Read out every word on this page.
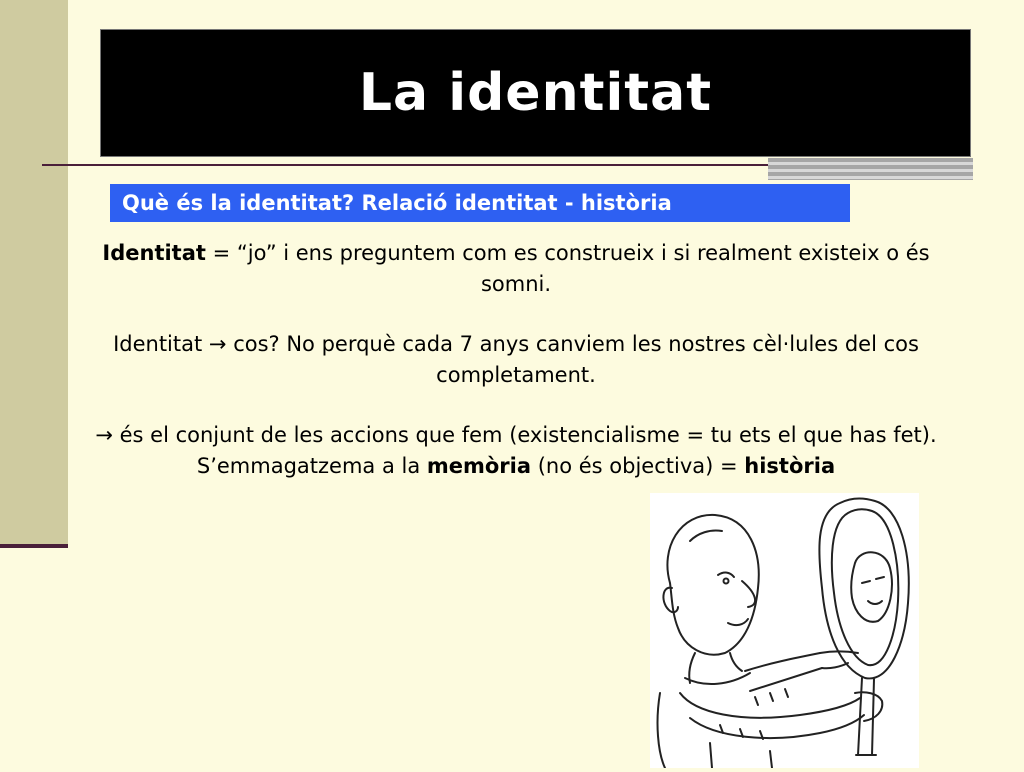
La identitat
Què és la identitat? Relació identitat - història

Identitat = “jo” i ens preguntem com es construeix i si realment existeix o és somni.

Identitat → cos? No perquè cada 7 anys canviem les nostres cèl·lules del cos completament.

→ és el conjunt de les accions que fem (existencialisme = tu ets el que has fet). S’emmagatzema a la memòria (no és objectiva) = història
